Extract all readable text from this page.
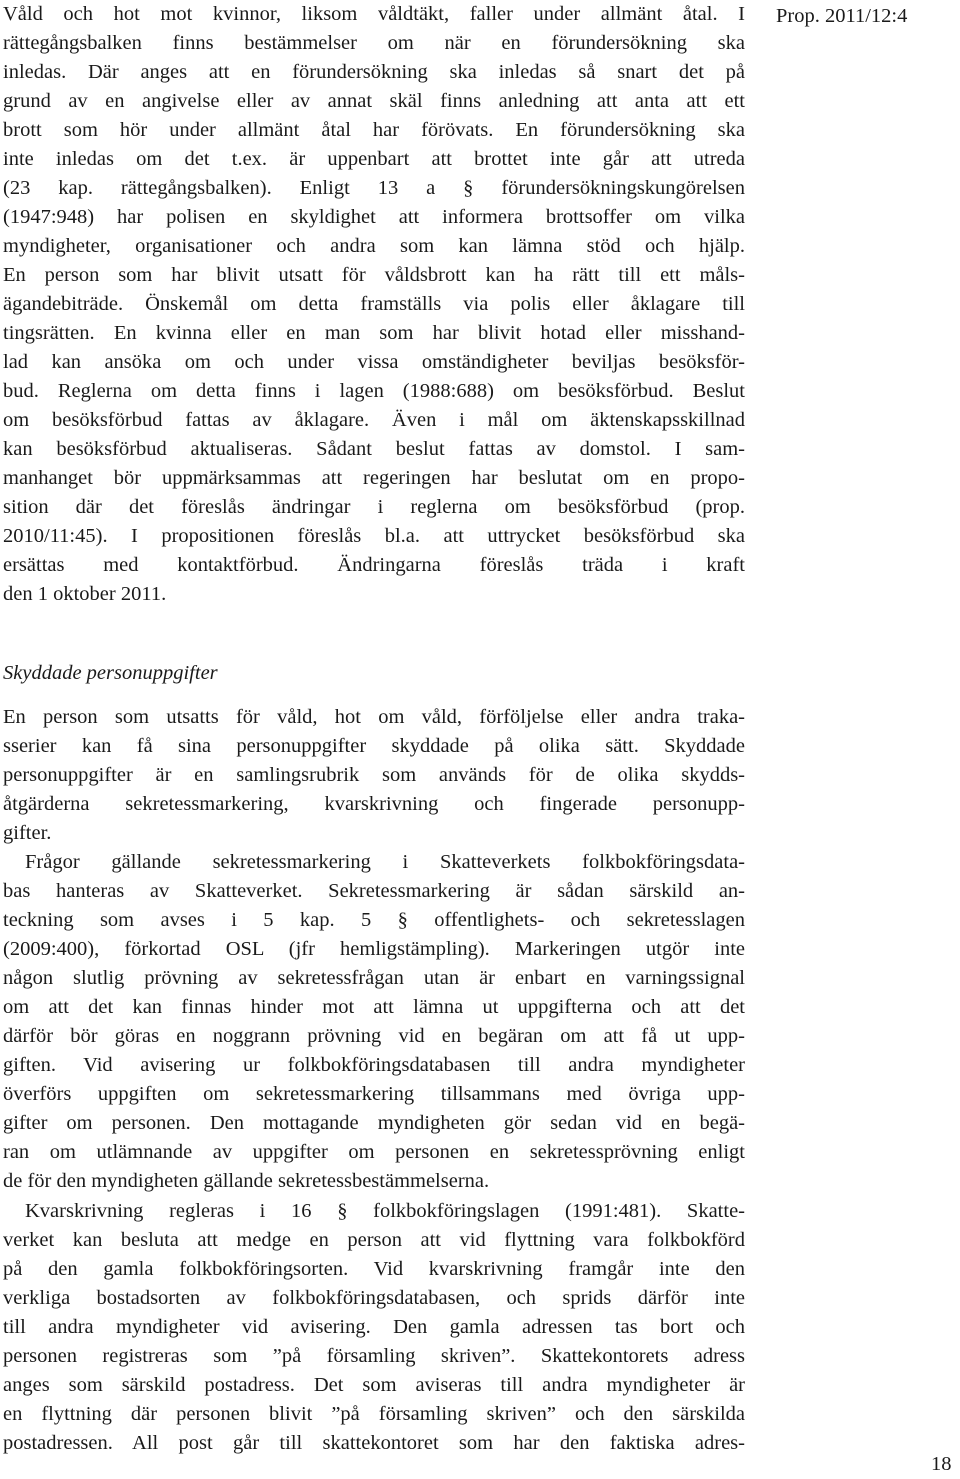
Prop. 2011/12:4
Våld och hot mot kvinnor, liksom våldtäkt, faller under allmänt åtal. I
rättegångsbalken finns bestämmelser om när en förundersökning ska
inledas. Där anges att en förundersökning ska inledas så snart det på
grund av en angivelse eller av annat skäl finns anledning att anta att ett
brott som hör under allmänt åtal har förövats. En förundersökning ska
inte inledas om det t.ex. är uppenbart att brottet inte går att utreda
(23 kap. rättegångsbalken). Enligt 13 a § förundersökningskungörelsen
(1947:948) har polisen en skyldighet att informera brottsoffer om vilka
myndigheter, organisationer och andra som kan lämna stöd och hjälp.
En person som har blivit utsatt för våldsbrott kan ha rätt till ett måls-
ägandebiträde. Önskemål om detta framställs via polis eller åklagare till
tingsrätten. En kvinna eller en man som har blivit hotad eller misshand-
lad kan ansöka om och under vissa omständigheter beviljas besöksför-
bud. Reglerna om detta finns i lagen (1988:688) om besöksförbud. Beslut
om besöksförbud fattas av åklagare. Även i mål om äktenskapsskillnad
kan besöksförbud aktualiseras. Sådant beslut fattas av domstol. I sam-
manhanget bör uppmärksammas att regeringen har beslutat om en propo-
sition där det föreslås ändringar i reglerna om besöksförbud (prop.
2010/11:45). I propositionen föreslås bl.a. att uttrycket besöksförbud ska
ersättas med kontaktförbud. Ändringarna föreslås träda i kraft
den 1 oktober 2011.
Skyddade personuppgifter
En person som utsatts för våld, hot om våld, förföljelse eller andra traka-
sserier kan få sina personuppgifter skyddade på olika sätt. Skyddade
personuppgifter är en samlingsrubrik som används för de olika skydds-
åtgärderna sekretessmarkering, kvarskrivning och fingerade personupp-
gifter.
Frågor gällande sekretessmarkering i Skatteverkets folkbokföringsdata-
bas hanteras av Skatteverket. Sekretessmarkering är sådan särskild an-
teckning som avses i 5 kap. 5 § offentlighets- och sekretesslagen
(2009:400), förkortad OSL (jfr hemligstämpling). Markeringen utgör inte
någon slutlig prövning av sekretessfrågan utan är enbart en varningssignal
om att det kan finnas hinder mot att lämna ut uppgifterna och att det
därför bör göras en noggrann prövning vid en begäran om att få ut upp-
giften. Vid avisering ur folkbokföringsdatabasen till andra myndigheter
överförs uppgiften om sekretessmarkering tillsammans med övriga upp-
gifter om personen. Den mottagande myndigheten gör sedan vid en begä-
ran om utlämnande av uppgifter om personen en sekretessprövning enligt
de för den myndigheten gällande sekretessbestämmelserna.
Kvarskrivning regleras i 16 § folkbokföringslagen (1991:481). Skatte-
verket kan besluta att medge en person att vid flyttning vara folkbokförd
på den gamla folkbokföringsorten. Vid kvarskrivning framgår inte den
verkliga bostadsorten av folkbokföringsdatabasen, och sprids därför inte
till andra myndigheter vid avisering. Den gamla adressen tas bort och
personen registreras som ”på församling skriven”. Skattekontorets adress
anges som särskild postadress. Det som aviseras till andra myndigheter är
en flyttning där personen blivit ”på församling skriven” och den särskilda
postadressen. All post går till skattekontoret som har den faktiska adres-
18
